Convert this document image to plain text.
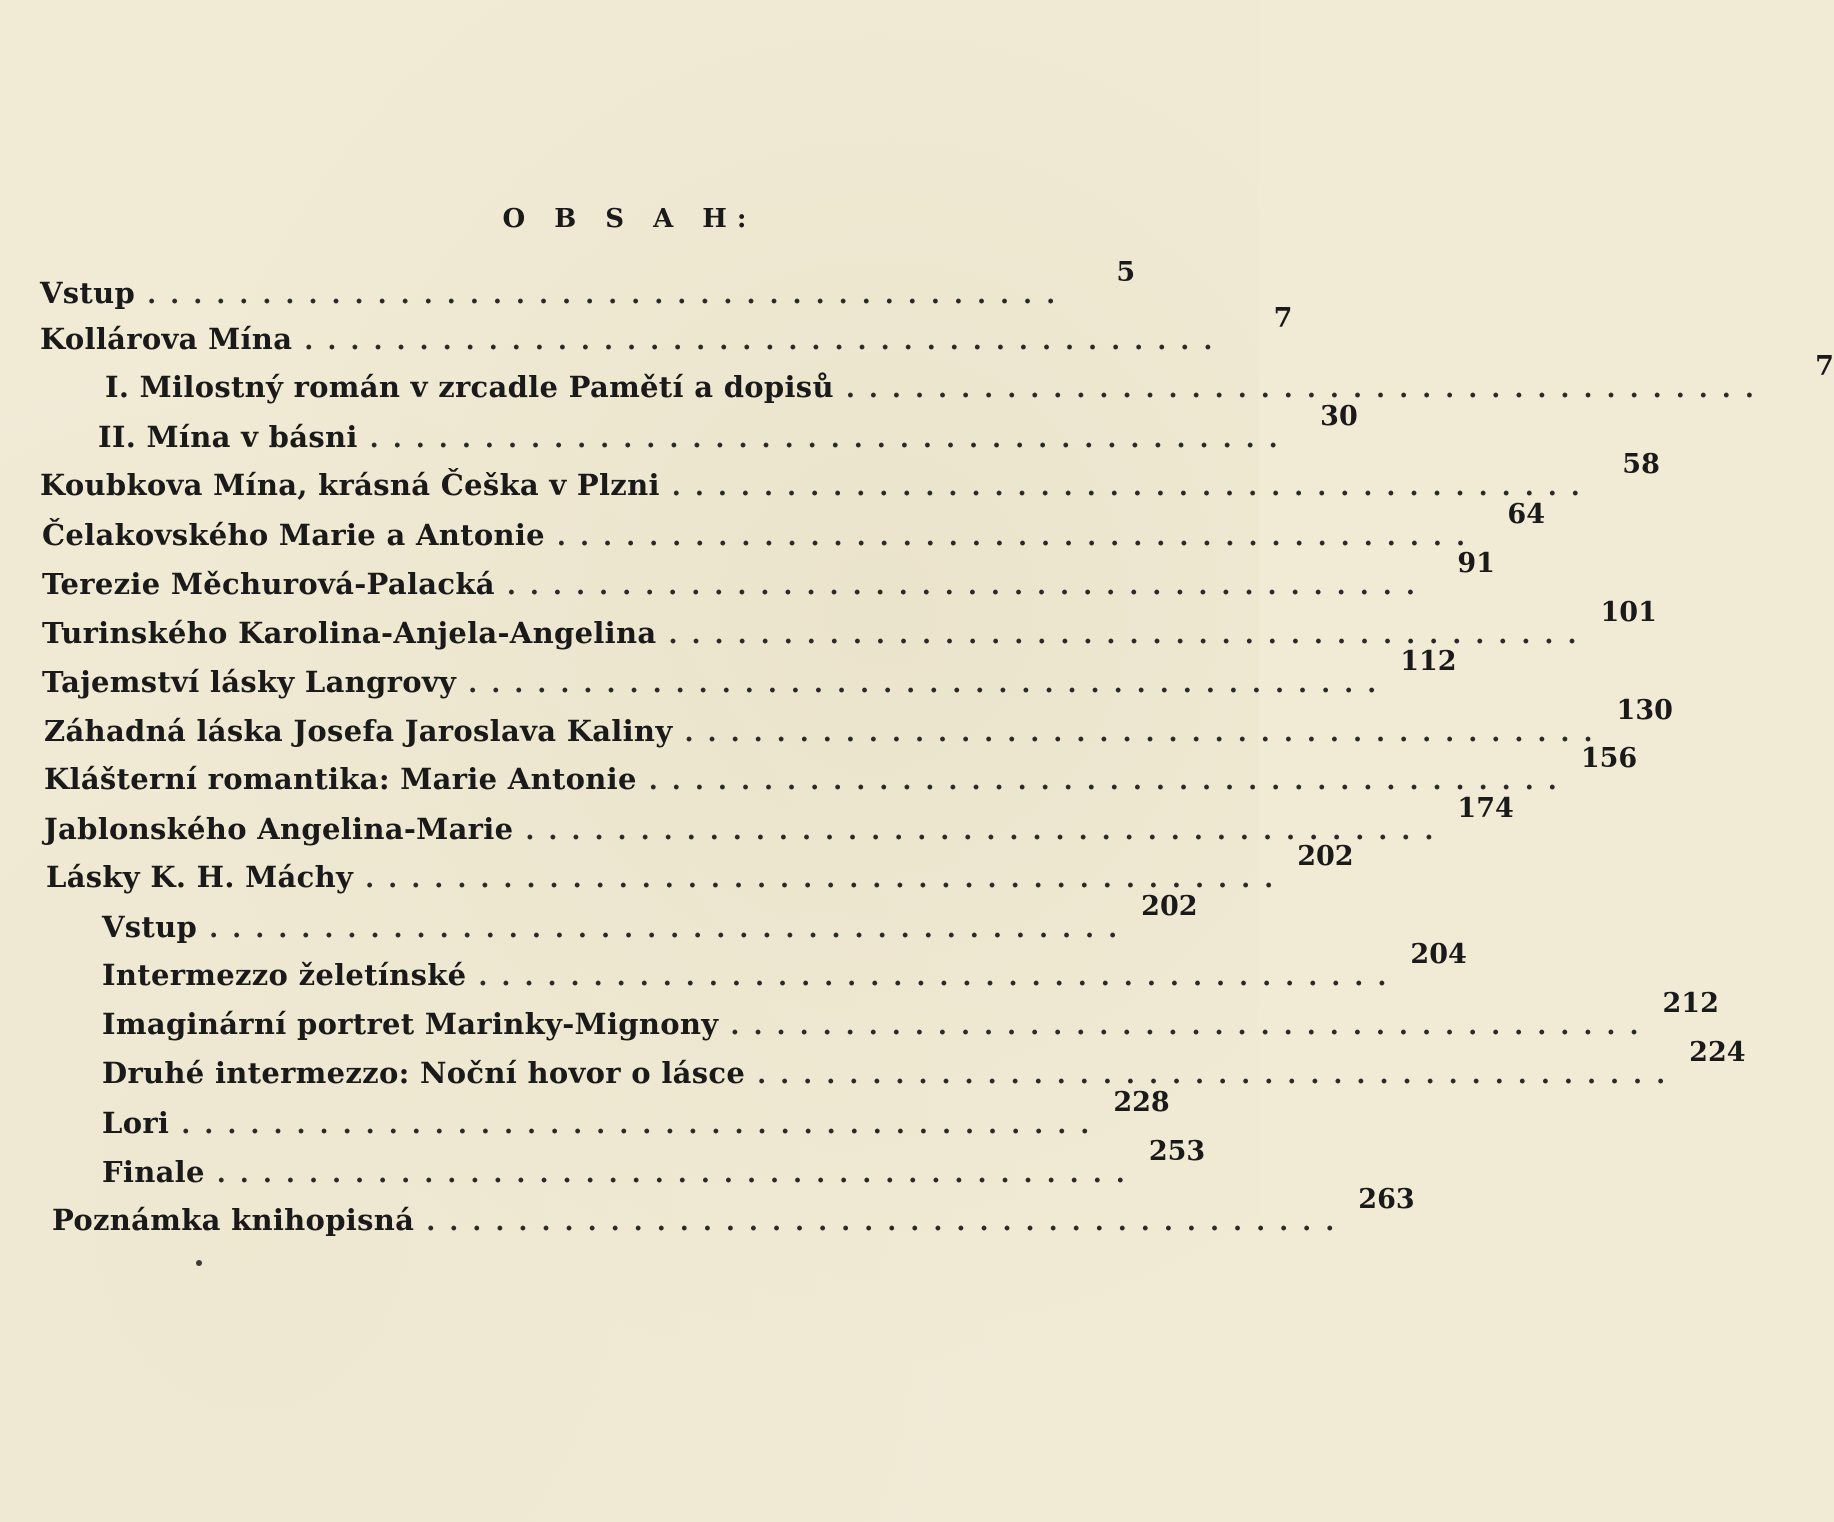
O B S A H:
Vstup ........................................
5
Kollárova Mína ........................................
7
I. Milostný román v zrcadle Pamětí a dopisů ........................................
7
II. Mína v básni ........................................
30
Koubkova Mína, krásná Češka v Plzni ........................................
58
Čelakovského Marie a Antonie ........................................
64
Terezie Měchurová-Palacká ........................................
91
Turinského Karolina-Anjela-Angelina ........................................
101
Tajemství lásky Langrovy ........................................
112
Záhadná láska Josefa Jaroslava Kaliny ........................................
130
Klášterní romantika: Marie Antonie ........................................
156
Jablonského Angelina-Marie ........................................
174
Lásky K. H. Máchy ........................................
202
Vstup ........................................
202
Intermezzo želetínské ........................................
204
Imaginární portret Marinky-Mignony ........................................
212
Druhé intermezzo: Noční hovor o lásce ........................................
224
Lori ........................................
228
Finale ........................................
253
Poznámka knihopisná ........................................
263
